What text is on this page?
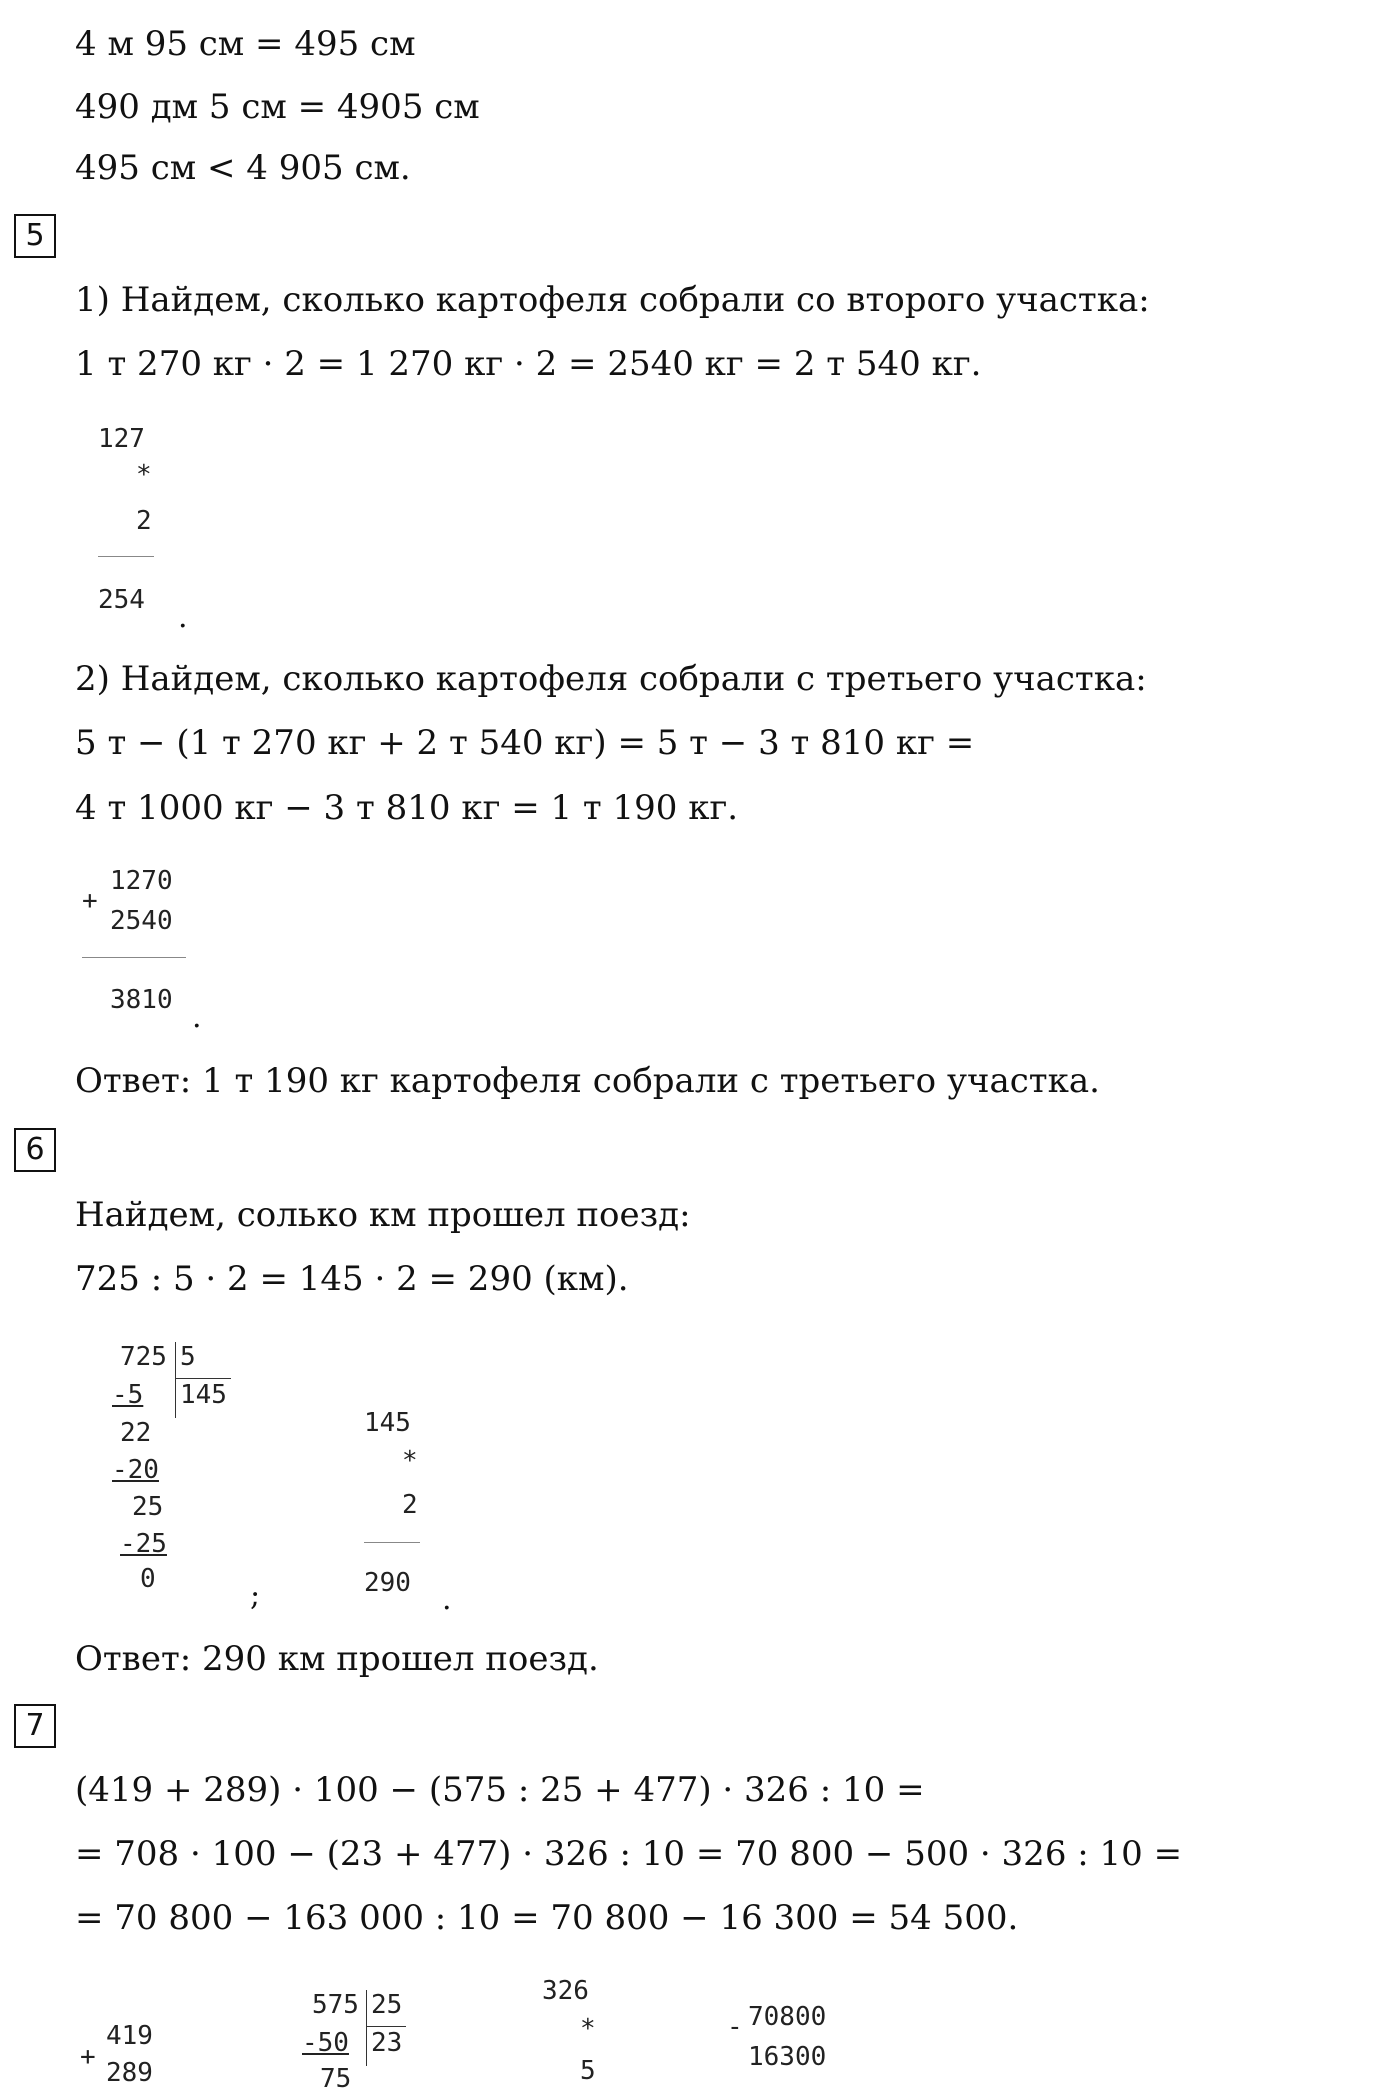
4 м 95 см = 495 см
490 дм 5 см = 4905 см
495 см < 4 905 см.
5
1) Найдем, сколько картофеля собрали со второго участка:
1 т 270 кг · 2 = 1 270 кг · 2 = 2540 кг = 2 т 540 кг.
127
*
2
254 .
2) Найдем, сколько картофеля собрали с третьего участка:
5 т − (1 т 270 кг + 2 т 540 кг) = 5 т − 3 т 810 кг =
4 т 1000 кг − 3 т 810 кг = 1 т 190 кг.
+
1270
2540
3810 .
Ответ: 1 т 190 кг картофеля собрали с третьего участка.
6
Найдем, солько км прошел поезд:
725 : 5 · 2 = 145 · 2 = 290 (км).
725 5
145
-5
22
-20
25
-25
0	;
145
*
2
290 .
Ответ: 290 км прошел поезд.
7
(419 + 289) · 100 − (575 : 25 + 477) · 326 : 10 =
= 708 · 100 − (23 + 477) · 326 : 10 = 70 800 − 500 · 326 : 10 =
= 70 800 − 163 000 : 10 = 70 800 − 16 300 = 54 500.
+
419
289
575 25
23
-50
75
326
*
5
- 70800
16300
